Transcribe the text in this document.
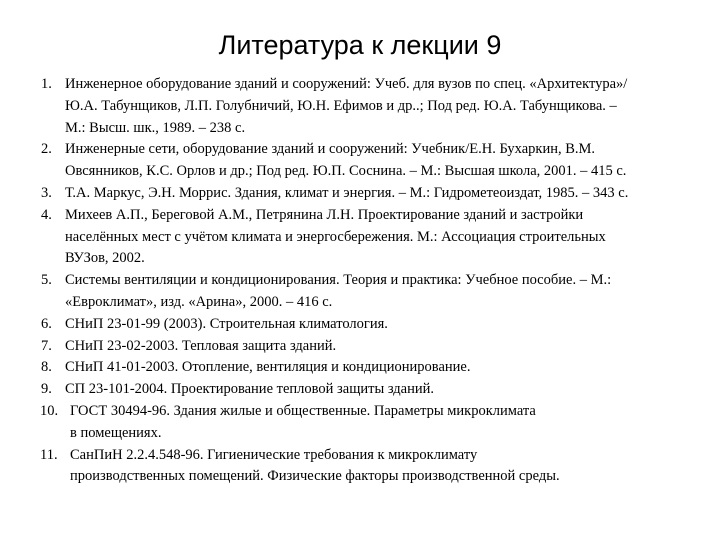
Литература к лекции 9
1. Инженерное оборудование зданий и сооружений: Учеб. для вузов по спец. «Архитектура»/
Ю.А. Табунщиков, Л.П. Голубничий, Ю.Н. Ефимов и др..; Под ред. Ю.А. Табунщикова. –
М.: Высш. шк., 1989. – 238 с.
2. Инженерные сети, оборудование зданий и сооружений: Учебник/Е.Н. Бухаркин, В.М.
Овсянников, К.С. Орлов и др.; Под ред. Ю.П. Соснина. – М.: Высшая школа, 2001. – 415 с.
3. Т.А. Маркус, Э.Н. Моррис. Здания, климат и энергия. – М.: Гидрометеоиздат, 1985. – 343 с.
4. Михеев А.П., Береговой А.М., Петрянина Л.Н. Проектирование зданий и застройки
населённых мест с учётом климата и энергосбережения. М.: Ассоциация строительных
ВУЗов, 2002.
5. Системы вентиляции и кондиционирования. Теория и практика: Учебное пособие. – М.:
«Евроклимат», изд. «Арина», 2000. – 416 с.
6. СНиП 23-01-99 (2003). Строительная климатология.
7. СНиП 23-02-2003. Тепловая защита зданий.
8. СНиП 41-01-2003. Отопление, вентиляция и кондиционирование.
9. СП 23-101-2004. Проектирование тепловой защиты зданий.
10. ГОСТ 30494-96. Здания жилые и общественные. Параметры микроклимата
в помещениях.
11. СанПиН 2.2.4.548-96. Гигиенические требования к микроклимату
производственных помещений. Физические факторы производственной среды.
